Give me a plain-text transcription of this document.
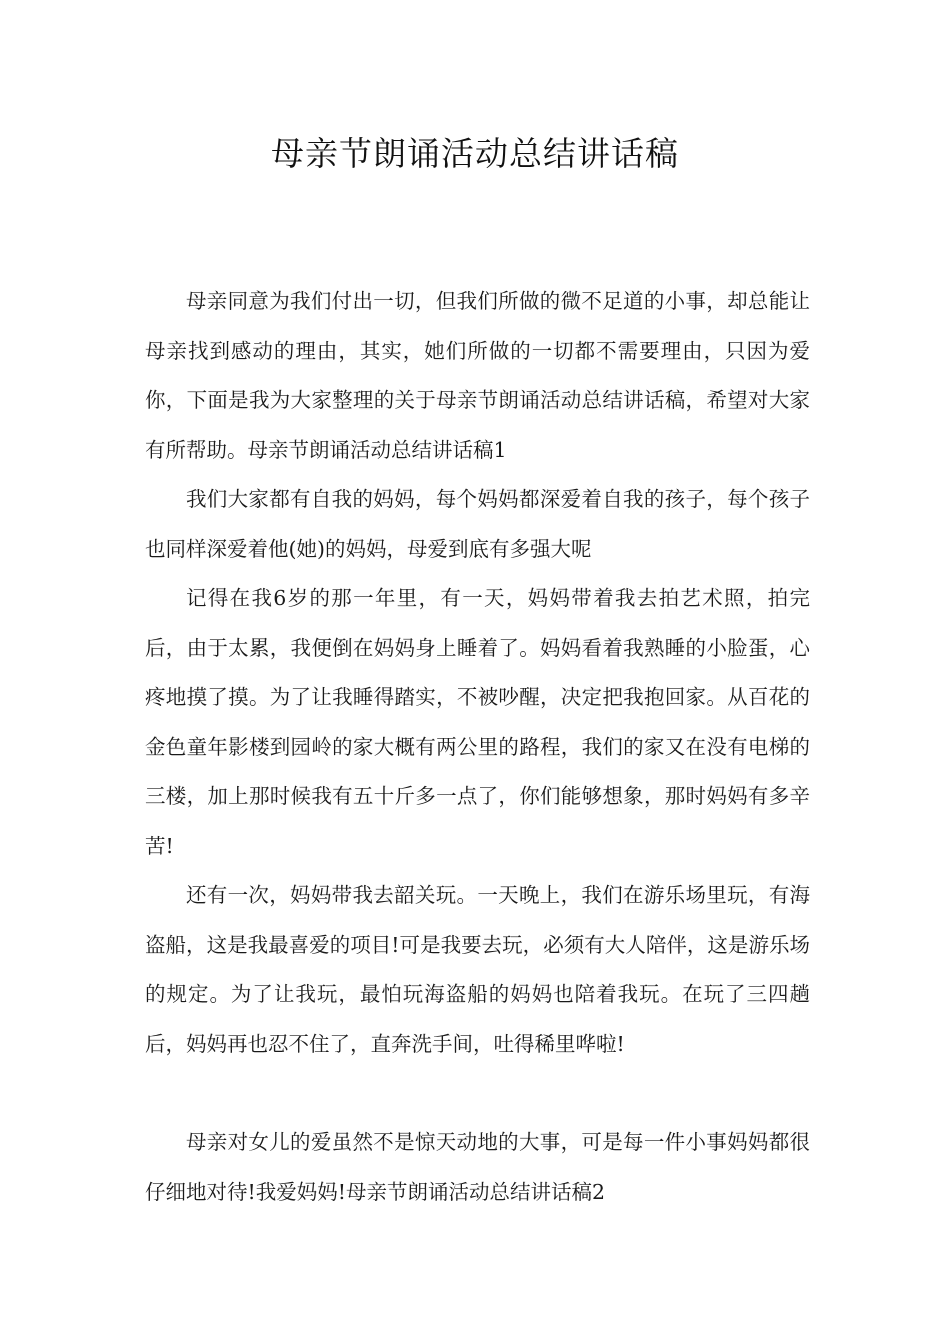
母亲节朗诵活动总结讲话稿

母亲同意为我们付出一切，但我们所做的微不足道的小事，却总能让母亲找到感动的理由，其实，她们所做的一切都不需要理由，只因为爱你，下面是我为大家整理的关于母亲节朗诵活动总结讲话稿，希望对大家有所帮助。母亲节朗诵活动总结讲话稿1

我们大家都有自我的妈妈，每个妈妈都深爱着自我的孩子，每个孩子也同样深爱着他(她)的妈妈，母爱到底有多强大呢

记得在我6岁的那一年里，有一天，妈妈带着我去拍艺术照，拍完后，由于太累，我便倒在妈妈身上睡着了。妈妈看着我熟睡的小脸蛋，心疼地摸了摸。为了让我睡得踏实，不被吵醒，决定把我抱回家。从百花的金色童年影楼到园岭的家大概有两公里的路程，我们的家又在没有电梯的三楼，加上那时候我有五十斤多一点了，你们能够想象，那时妈妈有多辛苦!

还有一次，妈妈带我去韶关玩。一天晚上，我们在游乐场里玩，有海盗船，这是我最喜爱的项目!可是我要去玩，必须有大人陪伴，这是游乐场的规定。为了让我玩，最怕玩海盗船的妈妈也陪着我玩。在玩了三四趟后，妈妈再也忍不住了，直奔洗手间，吐得稀里哗啦!

母亲对女儿的爱虽然不是惊天动地的大事，可是每一件小事妈妈都很仔细地对待!我爱妈妈!母亲节朗诵活动总结讲话稿2
